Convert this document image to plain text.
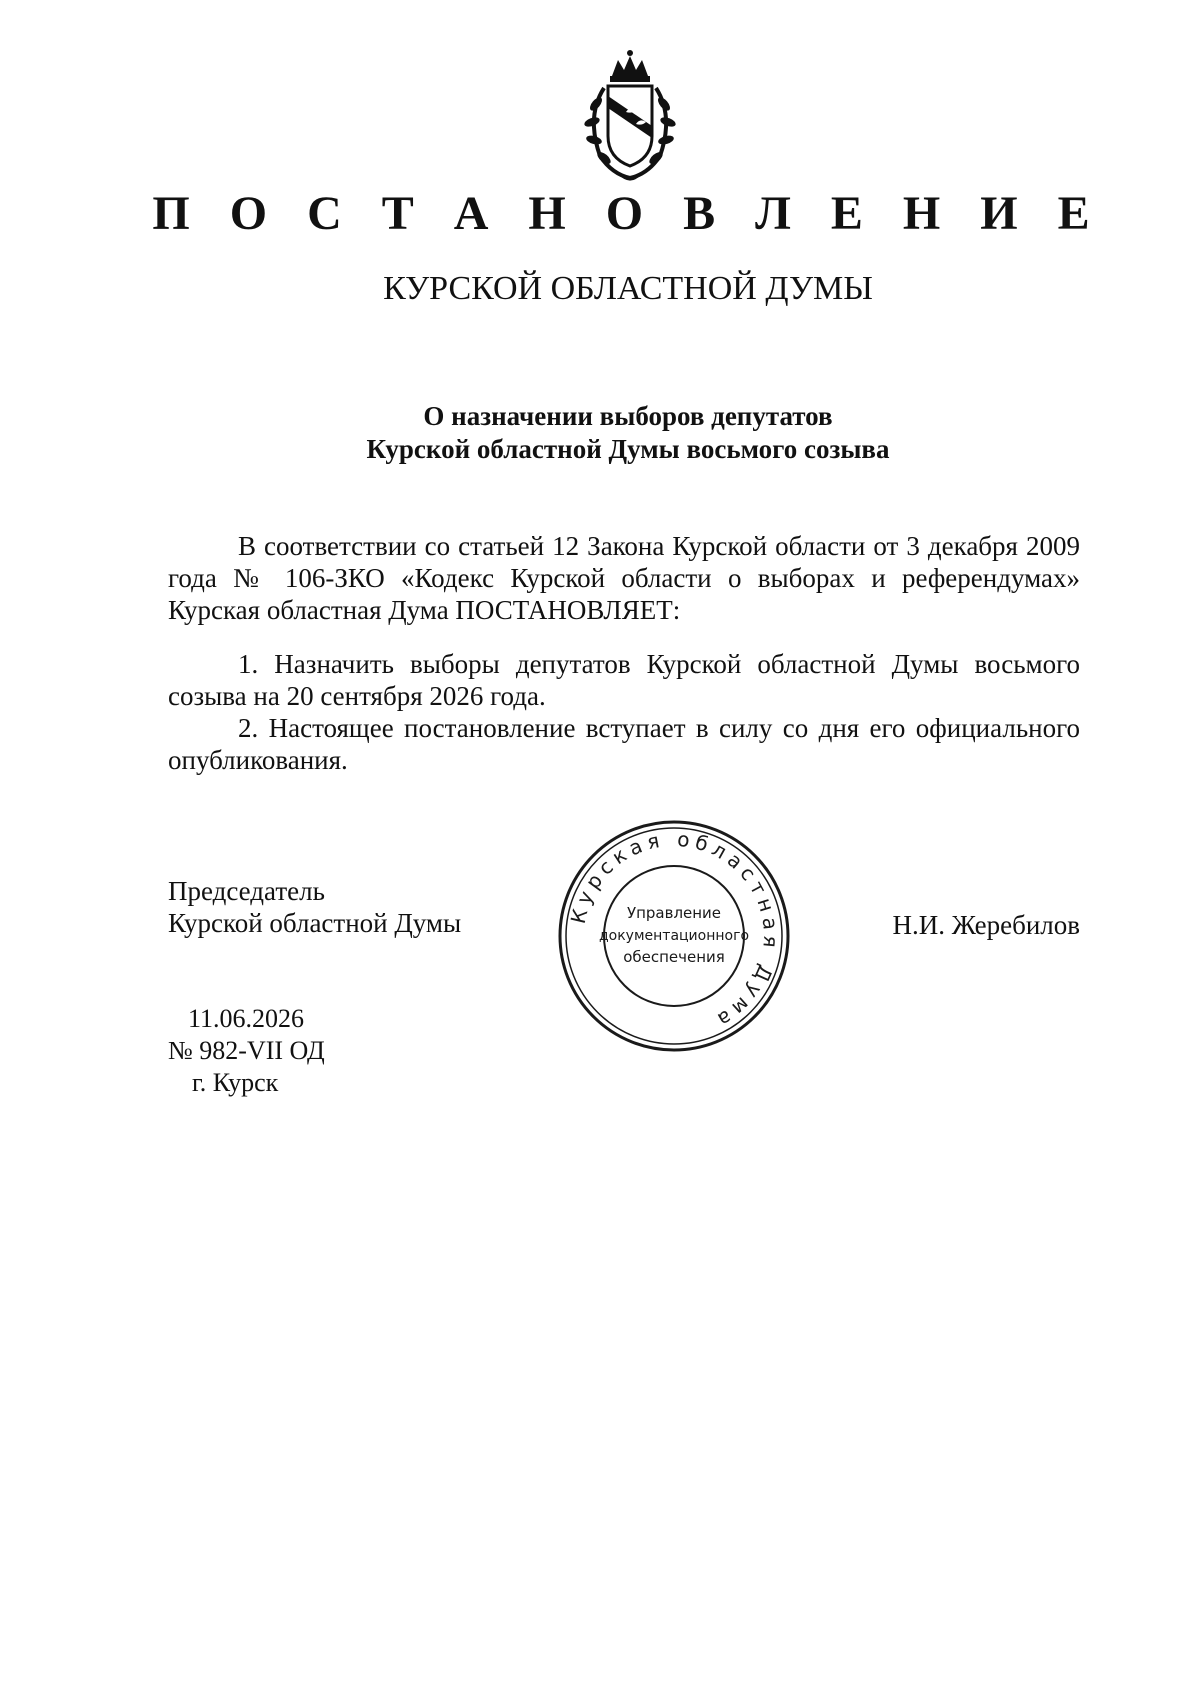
П О С Т А Н О В Л Е Н И Е
КУРСКОЙ ОБЛАСТНОЙ ДУМЫ
О назначении выборов депутатов
Курской областной Думы восьмого созыва

В соответствии со статьей 12 Закона Курской области от 3 декабря 2009 года № 106-ЗКО «Кодекс Курской области о выборах и референдумах» Курская областная Дума ПОСТАНОВЛЯЕТ:

1. Назначить выборы депутатов Курской областной Думы восьмого созыва на 20 сентября 2026 года.

2. Настоящее постановление вступает в силу со дня его официального опубликования.

Председатель
Курской областной Думы	Курская областная Дума
Управление
документационного
обеспечения
Н.И. Жеребилов
11.06.2026
№ 982-VII ОД
г. Курск
